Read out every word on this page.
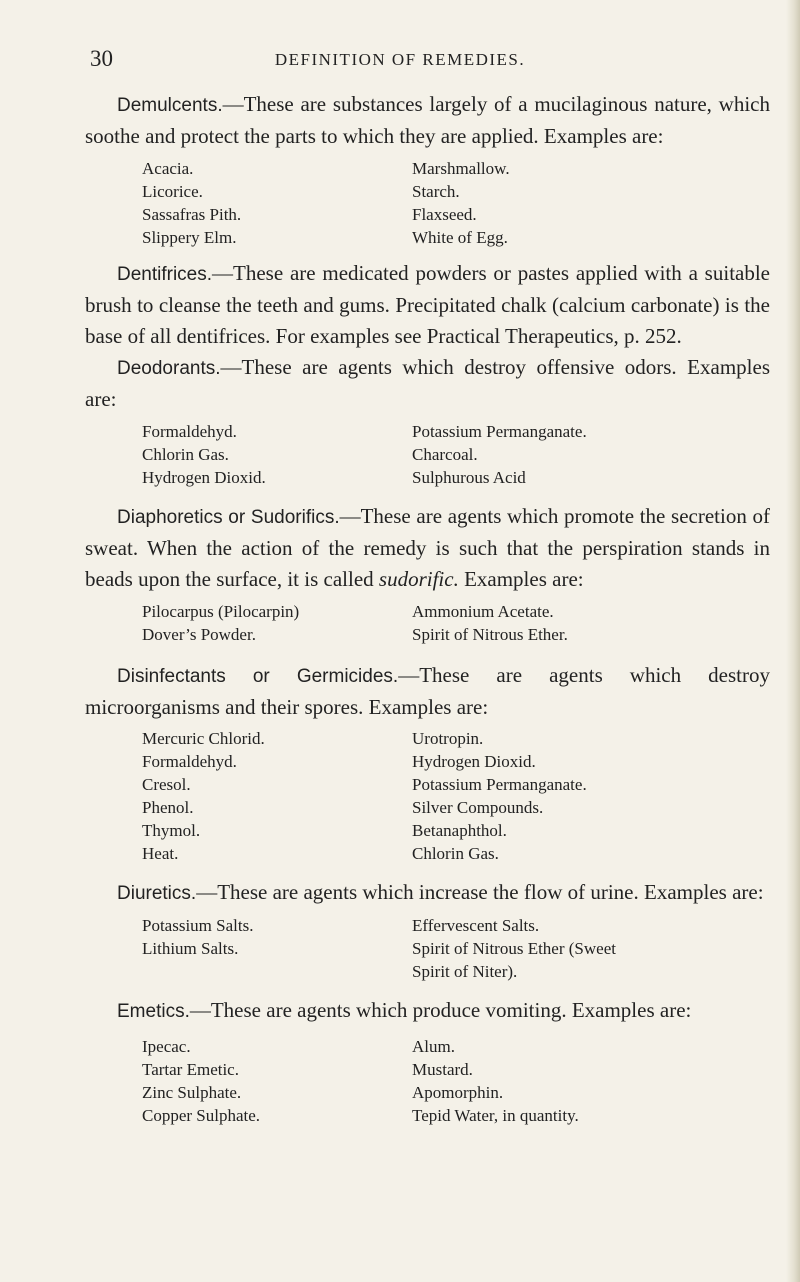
30	DEFINITION OF REMEDIES.

Demulcents.—These are substances largely of a mucilaginous nature, which soothe and protect the parts to which they are applied. Examples are:

Acacia.
Licorice.
Sassafras Pith.
Slippery Elm.
Marshmallow.
Starch.
Flaxseed.
White of Egg.

Dentifrices.—These are medicated powders or pastes applied with a suitable brush to cleanse the teeth and gums. Precipitated chalk (calcium carbonate) is the base of all dentifrices. For examples see Practical Therapeutics, p. 252.

Deodorants.—These are agents which destroy offensive odors. Examples are:

Formaldehyd.
Chlorin Gas.
Hydrogen Dioxid.
Potassium Permanganate.
Charcoal.
Sulphurous Acid

Diaphoretics or Sudorifics.—These are agents which promote the secretion of sweat. When the action of the remedy is such that the perspiration stands in beads upon the surface, it is called sudorific. Examples are:

Pilocarpus (Pilocarpin)
Dover’s Powder.
Ammonium Acetate.
Spirit of Nitrous Ether.

Disinfectants or Germicides.—These are agents which destroy microorganisms and their spores. Examples are:

Mercuric Chlorid.
Formaldehyd.
Cresol.
Phenol.
Thymol.
Heat.
Urotropin.
Hydrogen Dioxid.
Potassium Permanganate.
Silver Compounds.
Betanaphthol.
Chlorin Gas.

Diuretics.—These are agents which increase the flow of urine. Examples are:

Potassium Salts.
Lithium Salts.
Effervescent Salts.
Spirit of Nitrous Ether (Sweet
Spirit of Niter).

Emetics.—These are agents which produce vomiting. Examples are:

Ipecac.
Tartar Emetic.
Zinc Sulphate.
Copper Sulphate.
Alum.
Mustard.
Apomorphin.
Tepid Water, in quantity.
